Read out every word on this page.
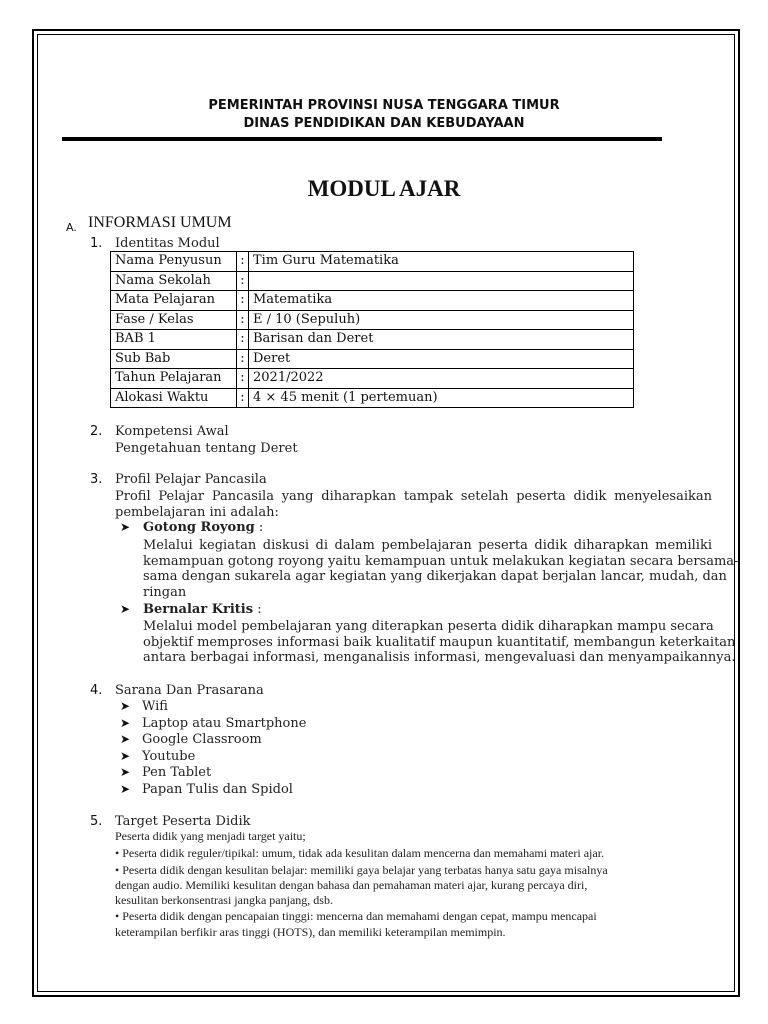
PEMERINTAH PROVINSI NUSA TENGGARA TIMUR
DINAS PENDIDIKAN DAN KEBUDAYAAN
MODUL AJAR
A. INFORMASI UMUM
1. Identitas Modul
Nama Penyusun	:	Tim Guru Matematika
Nama Sekolah	:	
Mata Pelajaran	:	Matematika
Fase / Kelas	:	E / 10 (Sepuluh)
BAB 1	:	Barisan dan Deret
Sub Bab	:	Deret
Tahun Pelajaran	:	2021/2022
Alokasi Waktu	:	4 × 45 menit (1 pertemuan)
2. Kompetensi Awal
Pengetahuan tentang Deret
3. Profil Pelajar Pancasila
Profil Pelajar Pancasila yang diharapkan tampak setelah peserta didik menyelesaikan
pembelajaran ini adalah:
➤ Gotong Royong :
Melalui kegiatan diskusi di dalam pembelajaran peserta didik diharapkan memiliki
kemampuan gotong royong yaitu kemampuan untuk melakukan kegiatan secara bersama-
sama dengan sukarela agar kegiatan yang dikerjakan dapat berjalan lancar, mudah, dan
ringan
➤ Bernalar Kritis :
Melalui model pembelajaran yang diterapkan peserta didik diharapkan mampu secara
objektif memproses informasi baik kualitatif maupun kuantitatif, membangun keterkaitan
antara berbagai informasi, menganalisis informasi, mengevaluasi dan menyampaikannya.
4. Sarana Dan Prasarana
➤ Wifi
➤ Laptop atau Smartphone
➤ Google Classroom
➤ Youtube
➤ Pen Tablet
➤ Papan Tulis dan Spidol
5. Target Peserta Didik
Peserta didik yang menjadi target yaitu;
• Peserta didik reguler/tipikal: umum, tidak ada kesulitan dalam mencerna dan memahami materi ajar.
• Peserta didik dengan kesulitan belajar: memiliki gaya belajar yang terbatas hanya satu gaya misalnya
dengan audio. Memiliki kesulitan dengan bahasa dan pemahaman materi ajar, kurang percaya diri,
kesulitan berkonsentrasi jangka panjang, dsb.
• Peserta didik dengan pencapaian tinggi: mencerna dan memahami dengan cepat, mampu mencapai
keterampilan berfikir aras tinggi (HOTS), dan memiliki keterampilan memimpin.
